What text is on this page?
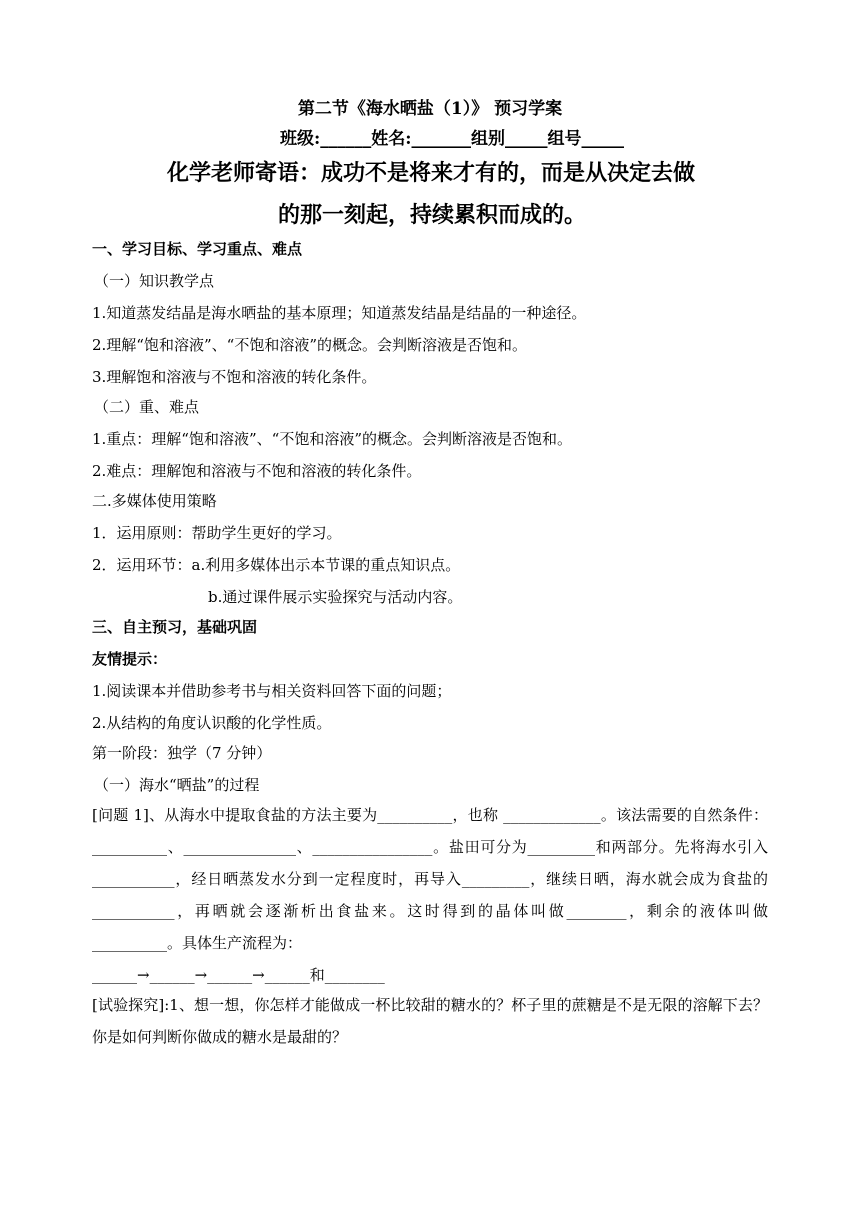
第二节《海水晒盐（1）》 预习学案
班级:______姓名:_______组别_____组号_____
化学老师寄语：成功不是将来才有的，而是从决定去做
的那一刻起，持续累积而成的。
一、学习目标、学习重点、难点
（一）知识教学点
1.知道蒸发结晶是海水晒盐的基本原理；知道蒸发结晶是结晶的一种途径。
2.理解“饱和溶液”、“不饱和溶液”的概念。会判断溶液是否饱和。
3.理解饱和溶液与不饱和溶液的转化条件。
（二）重、难点
1.重点：理解“饱和溶液”、“不饱和溶液”的概念。会判断溶液是否饱和。
2.难点：理解饱和溶液与不饱和溶液的转化条件。
二.多媒体使用策略
1．运用原则：帮助学生更好的学习。
2．运用环节：a.利用多媒体出示本节课的重点知识点。
b.通过课件展示实验探究与活动内容。
三、自主预习，基础巩固
友情提示：
1.阅读课本并借助参考书与相关资料回答下面的问题；
2.从结构的角度认识酸的化学性质。
第一阶段：独学（7 分钟）
（一）海水“晒盐”的过程
[问题 1]、从海水中提取食盐的方法主要为__________，也称 _____________。该法需要的自然条件：__________、_______________、________________。盐田可分为_________和两部分。先将海水引入___________，经日晒蒸发水分到一定程度时，再导入_________，继续日晒，海水就会成为食盐的___________，再晒就会逐渐析出食盐来。这时得到的晶体叫做________，剩余的液体叫做__________。具体生产流程为：
______→______→______→______和________
[试验探究]:1、想一想，你怎样才能做成一杯比较甜的糖水的？杯子里的蔗糖是不是无限的溶解下去？你是如何判断你做成的糖水是最甜的？
